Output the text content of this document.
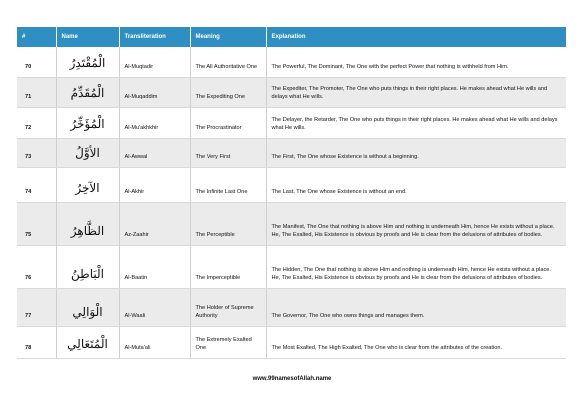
#	Name	Transliteration	Meaning	Explanation
70	الْمُقْتَدِرُ	Al-Muqtadir	The All Authoritative One	The Powerful, The Dominant, The One with the perfect Power that nothing is withheld from Him.
71	الْمُقَدِّمُ	Al-Muqaddim	The Expediting One	The Expediter, The Promoter, The One who puts things in their right places. He makes ahead what He wills and delays what He wills.
72	الْمُؤَخِّرُ	Al-Mu'akhkhir	The Procrastinator	The Delayer, the Retarder, The One who puts things in their right places. He makes ahead what He wills and delays what He wills.
73	الأوَّلُ	Al-Awwal	The Very First	The First, The One whose Existence is without a beginning.
74	الآخِرُ	Al-Akhir	The Infinite Last One	The Last, The One whose Existence is without an end.
75	الظَّاهِرُ	Az-Zaahir	The Perceptible	The Manifest, The One that nothing is above Him and nothing is underneath Him, hence He exists without a place. He, The Exalted, His Existence is obvious by proofs and He is clear from the delusions of attributes of bodies.
76	الْبَاطِنُ	Al-Baatin	The Imperceptible	The Hidden, The One that nothing is above Him and nothing is underneath Him, hence He exists without a place. He, The Exalted, His Existence is obvious by proofs and He is clear from the delusions of attributes of bodies.
77	الْوَالِي	Al-Waali	The Holder of Supreme Authority	The Governor, The One who owns things and manages them.
78	الْمُتَعَالِي	Al-Muta'ali	The Extremely Exalted One	The Most Exalted, The High Exalted, The One who is clear from the attributes of the creation.
www.99namesofAllah.name
